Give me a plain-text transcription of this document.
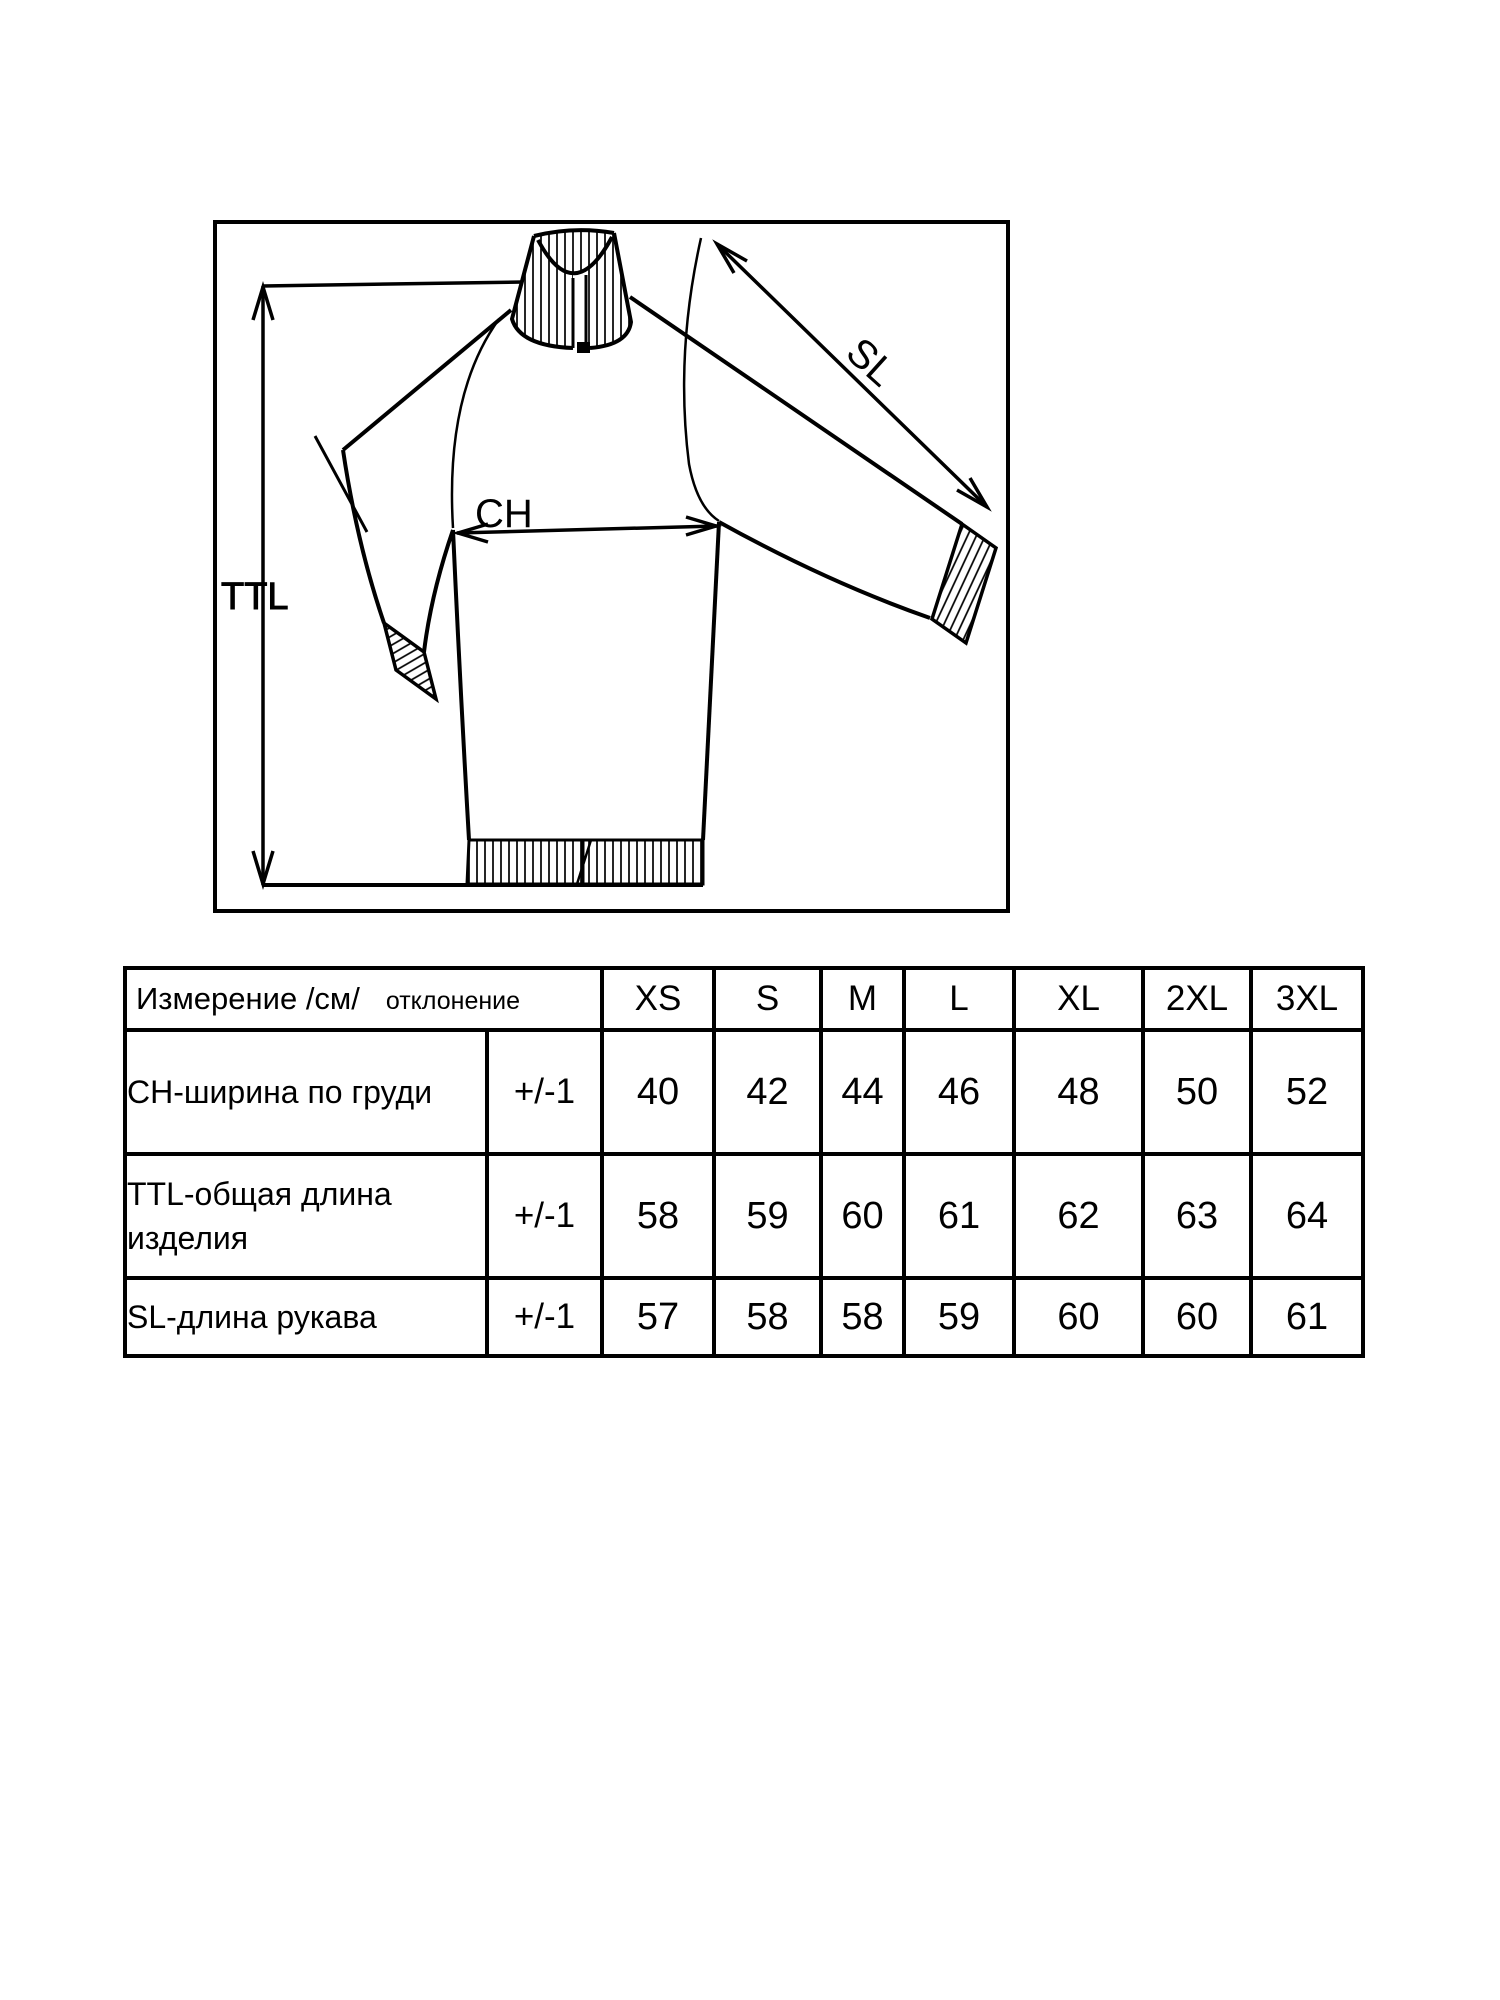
TTL
CH
SL
Измерение /см/ отклонение		XS	S	M	L	XL	2XL	3XL

CH-ширина по груди	+/-1	40	42	44	46	48	50	52

TTL-общая длина изделия	+/-1	58	59	60	61	62	63	64

SL-длина рукава	+/-1	57	58	58	59	60	60	61
